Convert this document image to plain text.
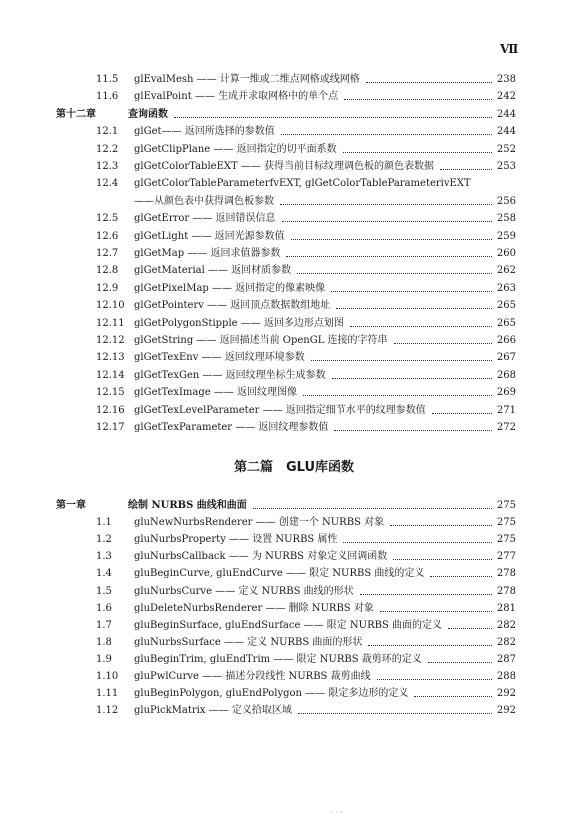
Ⅶ
11.5 glEvalMesh —— 计算一维或二维点网格或线网格	238
11.6 glEvalPoint —— 生成并求取网格中的单个点	242
第十二章	查询函数	244
12.1 glGet—— 返回所选择的参数值	244
12.2 glGetClipPlane —— 返回指定的切平面系数	252
12.3 glGetColorTableEXT —— 获得当前目标纹理调色板的颜色表数据	253
12.4 glGetColorTableParameterfvEXT, glGetColorTableParameterivEXT
——从颜色表中获得调色板参数	256
12.5 glGetError —— 返回错误信息	258
12.6 glGetLight —— 返回光源参数值	259
12.7 glGetMap —— 返回求值器参数	260
12.8 glGetMaterial —— 返回材质参数	262
12.9 glGetPixelMap —— 返回指定的像素映像	263
12.10 glGetPointerv —— 返回顶点数据数组地址	265
12.11 glGetPolygonStipple —— 返回多边形点划图	265
12.12 glGetString —— 返回描述当前 OpenGL 连接的字符串	266
12.13 glGetTexEnv —— 返回纹理环境参数	267
12.14 glGetTexGen —— 返回纹理坐标生成参数	268
12.15 glGetTexImage —— 返回纹理图像	269
12.16 glGetTexLevelParameter —— 返回指定细节水平的纹理参数值	271
12.17 glGetTexParameter —— 返回纹理参数值	272
第二篇　GLU库函数
第一章	绘制 NURBS 曲线和曲面	275
1.1 gluNewNurbsRenderer —— 创建一个 NURBS 对象	275
1.2 gluNurbsProperty —— 设置 NURBS 属性	275
1.3 gluNurbsCallback —— 为 NURBS 对象定义回调函数	277
1.4 gluBeginCurve, gluEndCurve —— 限定 NURBS 曲线的定义	278
1.5 gluNurbsCurve —— 定义 NURBS 曲线的形状	278
1.6 gluDeleteNurbsRenderer —— 删除 NURBS 对象	281
1.7 gluBeginSurface, gluEndSurface —— 限定 NURBS 曲面的定义	282
1.8 gluNurbsSurface —— 定义 NURBS 曲面的形状	282
1.9 gluBeginTrim, gluEndTrim —— 限定 NURBS 裁剪环的定义	287
1.10 gluPwlCurve —— 描述分段线性 NURBS 裁剪曲线	288
1.11 gluBeginPolygon, gluEndPolygon —— 限定多边形的定义	292
1.12 gluPickMatrix —— 定义拾取区域	292
· · ·
